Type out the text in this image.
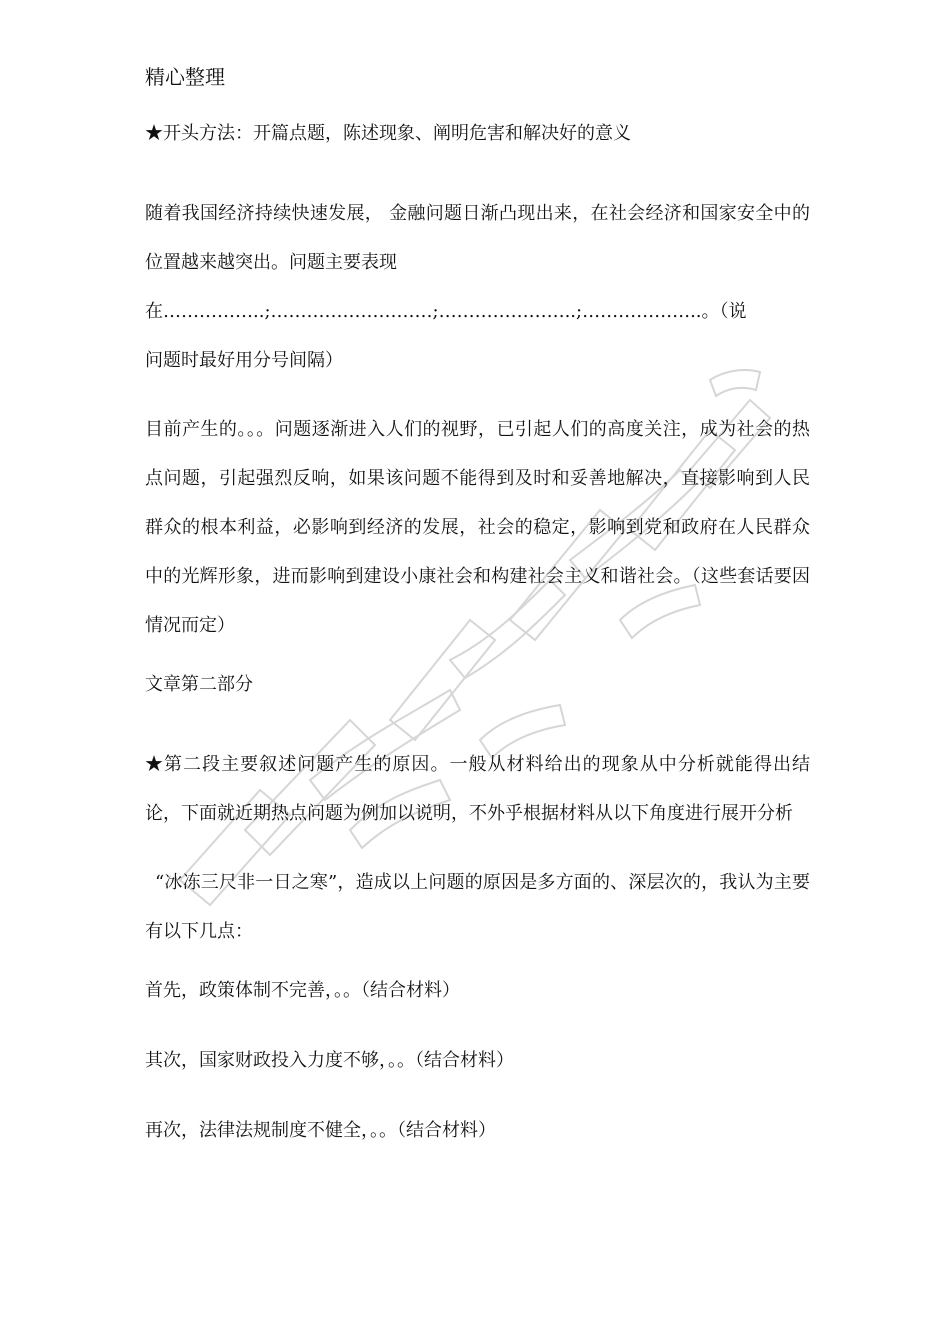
精心整理

★开头方法：开篇点题，陈述现象、阐明危害和解决好的意义

随着我国经济持续快速发展， 金融问题日渐凸现出来，在社会经济和国家安全中的位置越来越突出。问题主要表现
在……………..;………………………;…………………..;………………..。（说
问题时最好用分号间隔）

目前产生的。。。问题逐渐进入人们的视野，已引起人们的高度关注，成为社会的热点问题，引起强烈反响，如果该问题不能得到及时和妥善地解决，直接影响到人民群众的根本利益，必影响到经济的发展，社会的稳定，影响到党和政府在人民群众中的光辉形象，进而影响到建设小康社会和构建社会主义和谐社会。（这些套话要因情况而定）

文章第二部分

★第二段主要叙述问题产生的原因。一般从材料给出的现象从中分析就能得出结论，下面就近期热点问题为例加以说明，不外乎根据材料从以下角度进行展开分析

“冰冻三尺非一日之寒”，造成以上问题的原因是多方面的、深层次的，我认为主要有以下几点：

首先，政策体制不完善，。。（结合材料）

其次，国家财政投入力度不够，。。（结合材料）

再次，法律法规制度不健全，。。（结合材料）
